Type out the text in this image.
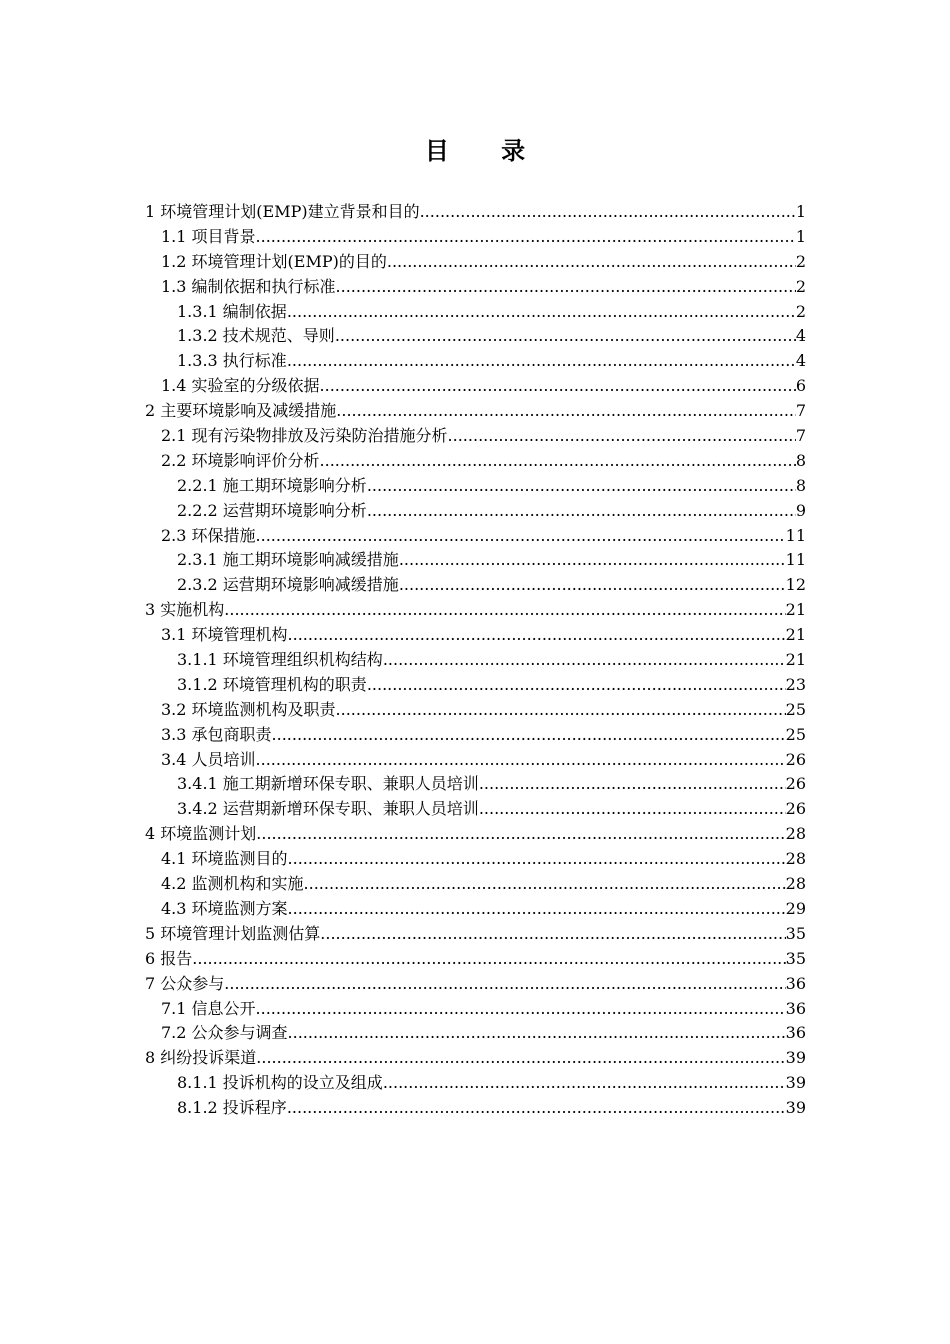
目 录
1 环境管理计划(EMP)建立背景和目的 .....	1
1.1 项目背景 .....	1
1.2 环境管理计划(EMP)的目的 .....	2
1.3 编制依据和执行标准 .....	2
1.3.1 编制依据 .....	2
1.3.2 技术规范、导则 .....	4
1.3.3 执行标准 .....	4
1.4 实验室的分级依据 .....	6
2 主要环境影响及减缓措施 .....	7
2.1 现有污染物排放及污染防治措施分析 .....	7
2.2 环境影响评价分析 .....	8
2.2.1 施工期环境影响分析 .....	8
2.2.2 运营期环境影响分析 .....	9
2.3 环保措施 .....	11
2.3.1 施工期环境影响减缓措施 .....	11
2.3.2 运营期环境影响减缓措施 .....	12
3 实施机构 .....	21
3.1 环境管理机构 .....	21
3.1.1 环境管理组织机构结构 .....	21
3.1.2 环境管理机构的职责 .....	23
3.2 环境监测机构及职责 .....	25
3.3 承包商职责 .....	25
3.4 人员培训 .....	26
3.4.1 施工期新增环保专职、兼职人员培训 .....	26
3.4.2 运营期新增环保专职、兼职人员培训 .....	26
4 环境监测计划 .....	28
4.1 环境监测目的 .....	28
4.2 监测机构和实施 .....	28
4.3 环境监测方案 .....	29
5 环境管理计划监测估算 .....	35
6 报告 .....	35
7 公众参与 .....	36
7.1 信息公开 .....	36
7.2 公众参与调查 .....	36
8 纠纷投诉渠道 .....	39
8.1.1 投诉机构的设立及组成 .....	39
8.1.2 投诉程序 .....	39
